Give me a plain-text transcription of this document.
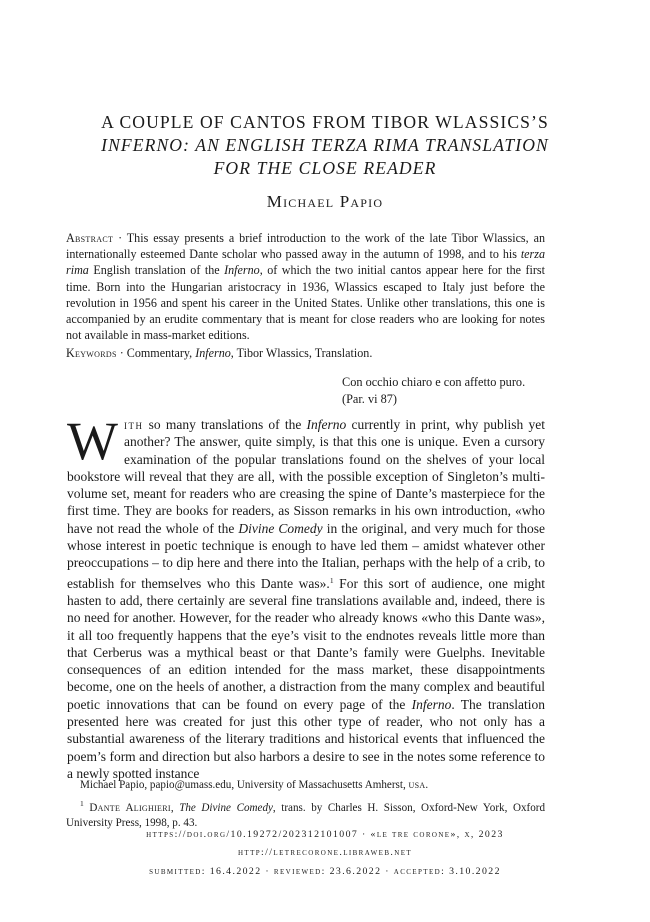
A COUPLE OF CANTOS FROM TIBOR WLASSICS’S
INFERNO: AN ENGLISH TERZA RIMA TRANSLATION
FOR THE CLOSE READER
Michael Papio
Abstract · This essay presents a brief introduction to the work of the late Tibor Wlassics, an internationally esteemed Dante scholar who passed away in the autumn of 1998, and to his terza rima English translation of the Inferno, of which the two initial cantos appear here for the first time. Born into the Hungarian aristocracy in 1936, Wlassics escaped to Italy just before the revolution in 1956 and spent his career in the United States. Unlike other translations, this one is accompanied by an erudite commentary that is meant for close readers who are looking for notes not available in mass-market editions.
Keywords · Commentary, Inferno, Tibor Wlassics, Translation.
Con occhio chiaro e con affetto puro.
(Par. vi 87)
With so many translations of the Inferno currently in print, why publish yet another? The answer, quite simply, is that this one is unique. Even a cursory examination of the popular translations found on the shelves of your local bookstore will reveal that they are all, with the possible exception of Singleton’s multi-volume set, meant for readers who are creasing the spine of Dante’s masterpiece for the first time. They are books for readers, as Sisson remarks in his own introduction, «who have not read the whole of the Divine Comedy in the original, and very much for those whose interest in poetic technique is enough to have led them – amidst whatever other preoccupations – to dip here and there into the Italian, perhaps with the help of a crib, to establish for themselves who this Dante was».$^1$ For this sort of audience, one might hasten to add, there certainly are several fine translations available and, indeed, there is no need for another. However, for the reader who already knows «who this Dante was», it all too frequently happens that the eye’s visit to the endnotes reveals little more than that Cerberus was a mythical beast or that Dante’s family were Guelphs. Inevitable consequences of an edition intended for the mass market, these disappointments become, one on the heels of another, a distraction from the many complex and beautiful poetic innovations that can be found on every page of the Inferno. The translation presented here was created for just this other type of reader, who not only has a substantial awareness of the literary traditions and historical events that influenced the poem’s form and direction but also harbors a desire to see in the notes some reference to a newly spotted instance
Michael Papio, papio@umass.edu, University of Massachusetts Amherst, usa.
$^1$ Dante Alighieri, The Divine Comedy, trans. by Charles H. Sisson, Oxford-New York, Oxford University Press, 1998, p. 43.
https://doi.org/10.19272/202312101007 · «le tre corone», x, 2023
http://letrecorone.libraweb.net
submitted: 16.4.2022 · reviewed: 23.6.2022 · accepted: 3.10.2022
